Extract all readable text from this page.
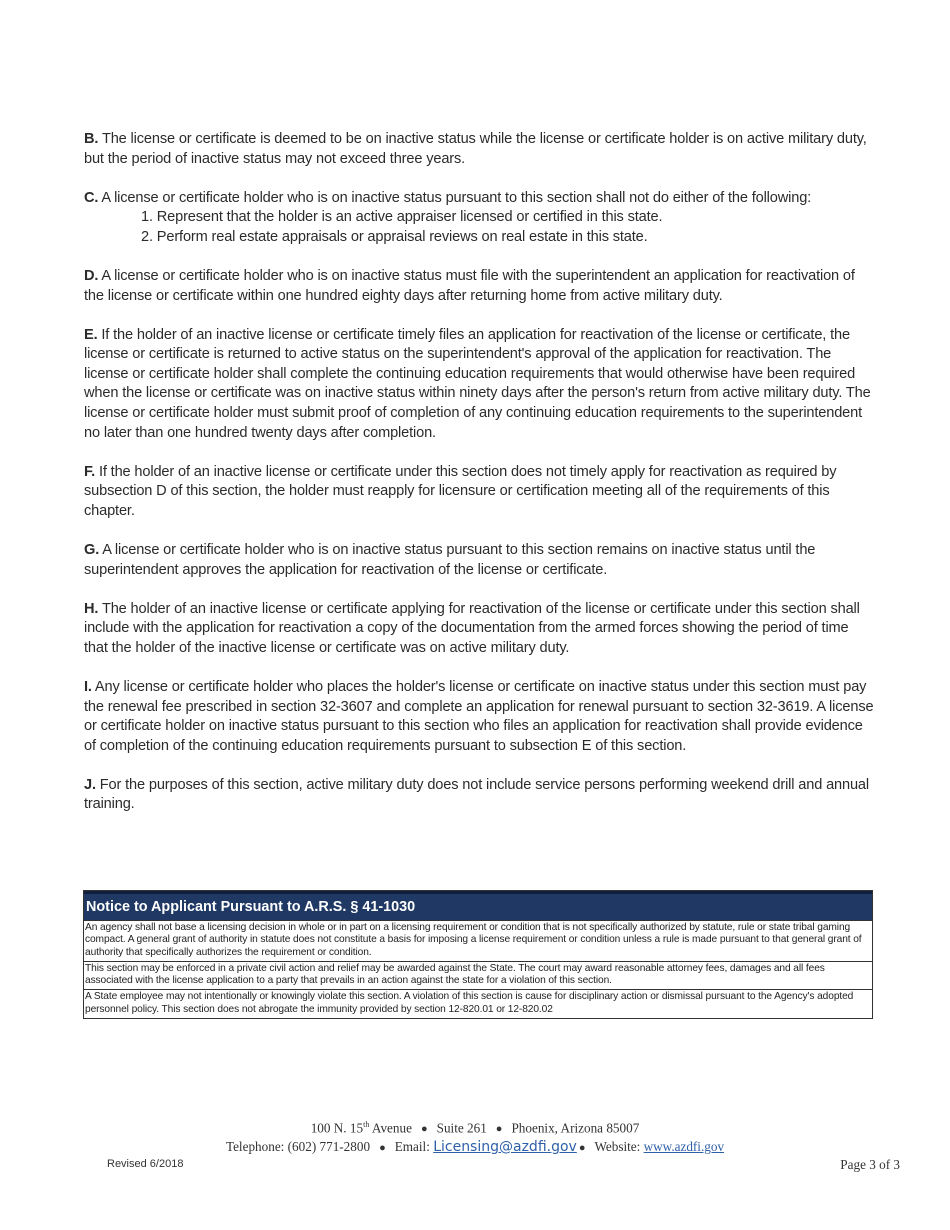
B. The license or certificate is deemed to be on inactive status while the license or certificate holder is on active military duty, but the period of inactive status may not exceed three years.

C. A license or certificate holder who is on inactive status pursuant to this section shall not do either of the following:
1. Represent that the holder is an active appraiser licensed or certified in this state.
2. Perform real estate appraisals or appraisal reviews on real estate in this state.

D. A license or certificate holder who is on inactive status must file with the superintendent an application for reactivation of the license or certificate within one hundred eighty days after returning home from active military duty.

E. If the holder of an inactive license or certificate timely files an application for reactivation of the license or certificate, the license or certificate is returned to active status on the superintendent's approval of the application for reactivation. The license or certificate holder shall complete the continuing education requirements that would otherwise have been required when the license or certificate was on inactive status within ninety days after the person's return from active military duty. The license or certificate holder must submit proof of completion of any continuing education requirements to the superintendent no later than one hundred twenty days after completion.

F. If the holder of an inactive license or certificate under this section does not timely apply for reactivation as required by subsection D of this section, the holder must reapply for licensure or certification meeting all of the requirements of this chapter.

G. A license or certificate holder who is on inactive status pursuant to this section remains on inactive status until the superintendent approves the application for reactivation of the license or certificate.

H. The holder of an inactive license or certificate applying for reactivation of the license or certificate under this section shall include with the application for reactivation a copy of the documentation from the armed forces showing the period of time that the holder of the inactive license or certificate was on active military duty.

I. Any license or certificate holder who places the holder's license or certificate on inactive status under this section must pay the renewal fee prescribed in section 32-3607 and complete an application for renewal pursuant to section 32-3619. A license or certificate holder on inactive status pursuant to this section who files an application for reactivation shall provide evidence of completion of the continuing education requirements pursuant to subsection E of this section.

J. For the purposes of this section, active military duty does not include service persons performing weekend drill and annual training.

Notice to Applicant Pursuant to A.R.S. § 41-1030
An agency shall not base a licensing decision in whole or in part on a licensing requirement or condition that is not specifically authorized by statute, rule or state tribal gaming compact. A general grant of authority in statute does not constitute a basis for imposing a license requirement or condition unless a rule is made pursuant to that general grant of authority that specifically authorizes the requirement or condition.
This section may be enforced in a private civil action and relief may be awarded against the State. The court may award reasonable attorney fees, damages and all fees associated with the license application to a party that prevails in an action against the state for a violation of this section.
A State employee may not intentionally or knowingly violate this section. A violation of this section is cause for disciplinary action or dismissal pursuant to the Agency's adopted personnel policy. This section does not abrogate the immunity provided by section 12-820.01 or 12-820.02
100 N. 15th Avenue ● Suite 261 ● Phoenix, Arizona 85007
Telephone: (602) 771-2800 ● Email: Licensing@azdfi.gov ● Website: www.azdfi.gov
Revised 6/2018	Page 3 of 3
